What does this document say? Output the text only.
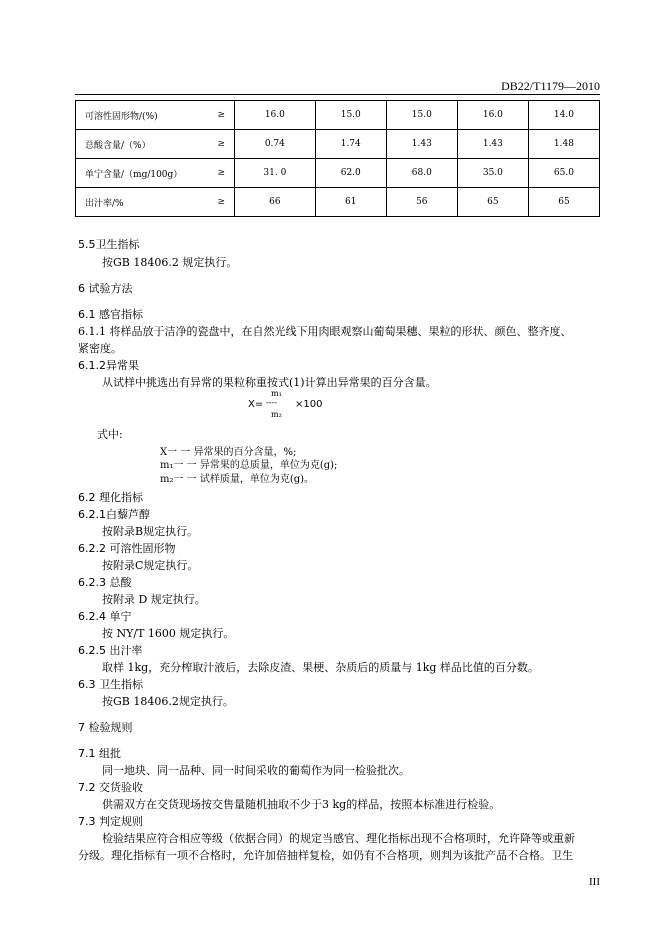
DB22/T1179—2010
可溶性固形物/(%) ≥	16.0	15.0	15.0	16.0	14.0
总酸含量/（%） ≥	0.74	1.74	1.43	1.43	1.48
单宁含量/（mg/100g） ≥	31. 0	62.0	68.0	35.0	65.0
出汁率/% ≥	66	61	56	65	65
5.5卫生指标
按GB 18406.2 规定执行。
6 试验方法
6.1 感官指标
6.1.1 将样品放于洁净的瓷盘中，在自然光线下用肉眼观察山葡萄果穗、果粒的形状、颜色、整齐度、
紧密度。
6.1.2异常果
从试样中挑选出有异常的果粒称重按式(1)计算出异常果的百分含量。
X=
m₁
----
m₂
×100
式中:
X一 一 异常果的百分含量，%;
m₁一 一 异常果的总质量，单位为克(g);
m₂一 一 试样质量，单位为克(g)。
6.2 理化指标
6.2.1白藜芦醇
按附录B规定执行。
6.2.2 可溶性固形物
按附录C规定执行。
6.2.3 总酸
按附录 D 规定执行。
6.2.4 单宁
按 NY/T 1600 规定执行。
6.2.5 出汁率
取样 1kg，充分榨取汁液后，去除皮渣、果梗、杂质后的质量与 1kg 样品比值的百分数。
6.3 卫生指标
按GB 18406.2规定执行。
7 检验规则
7.1 组批
同一地块、同一品种、同一时间采收的葡萄作为同一检验批次。
7.2 交货验收
供需双方在交货现场按交售量随机抽取不少于3 kg的样品，按照本标准进行检验。
7.3 判定规则
检验结果应符合相应等级（依据合同）的规定当感官、理化指标出现不合格项时，允许降等或重新
分级。理化指标有一项不合格时，允许加倍抽样复检，如仍有不合格项，则判为该批产品不合格。卫生
III
